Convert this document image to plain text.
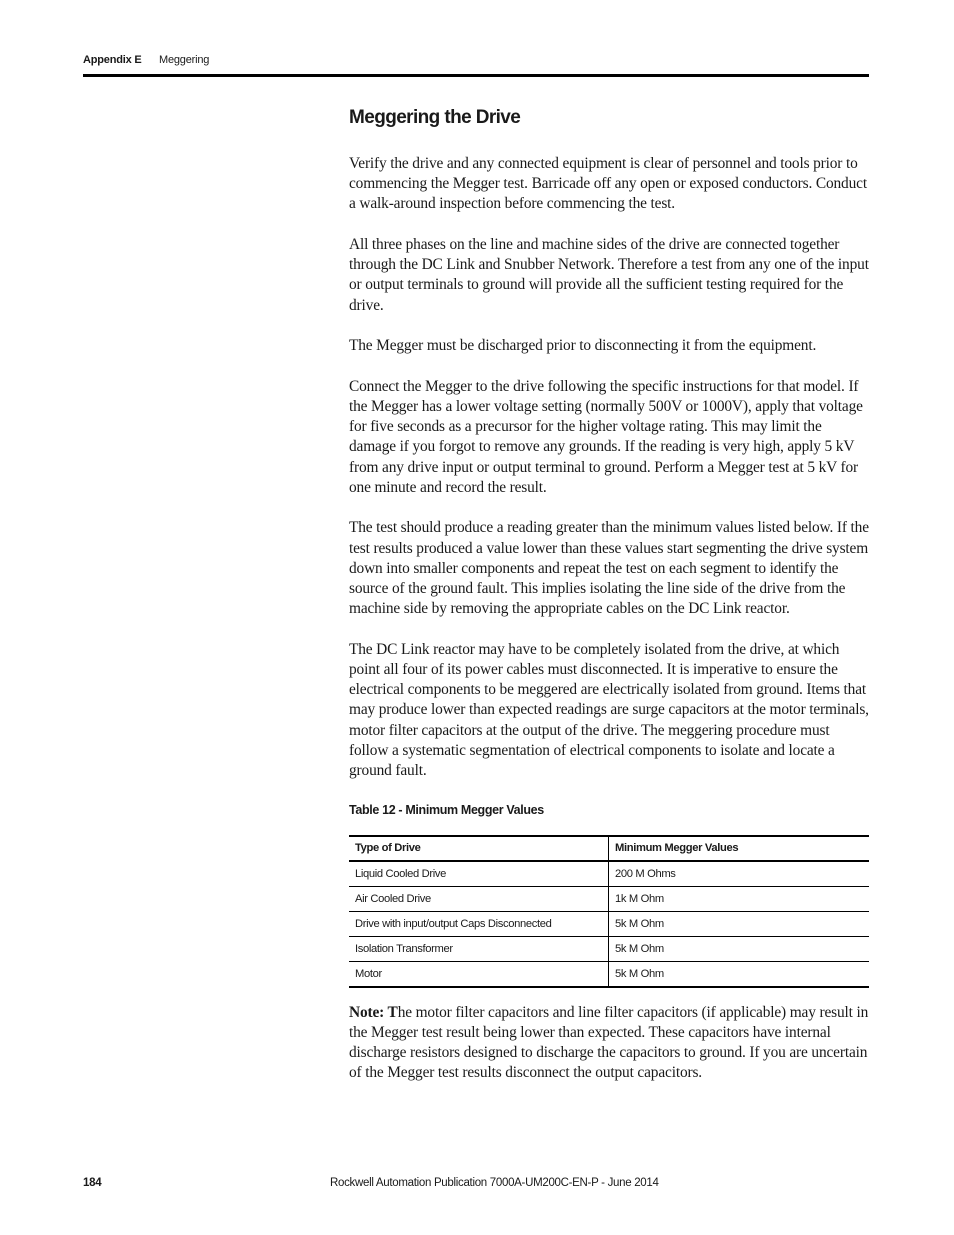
Appendix E Meggering
Meggering the Drive

Verify the drive and any connected equipment is clear of personnel and tools prior to commencing the Megger test. Barricade off any open or exposed conductors. Conduct a walk-around inspection before commencing the test.

All three phases on the line and machine sides of the drive are connected together through the DC Link and Snubber Network. Therefore a test from any one of the input or output terminals to ground will provide all the sufficient testing required for the drive.

The Megger must be discharged prior to disconnecting it from the equipment.

Connect the Megger to the drive following the specific instructions for that model. If the Megger has a lower voltage setting (normally 500V or 1000V), apply that voltage for five seconds as a precursor for the higher voltage rating. This may limit the damage if you forgot to remove any grounds. If the reading is very high, apply 5 kV from any drive input or output terminal to ground. Perform a Megger test at 5 kV for one minute and record the result.

The test should produce a reading greater than the minimum values listed below. If the test results produced a value lower than these values start segmenting the drive system down into smaller components and repeat the test on each segment to identify the source of the ground fault. This implies isolating the line side of the drive from the machine side by removing the appropriate cables on the DC Link reactor.

The DC Link reactor may have to be completely isolated from the drive, at which point all four of its power cables must disconnected. It is imperative to ensure the electrical components to be meggered are electrically isolated from ground. Items that may produce lower than expected readings are surge capacitors at the motor terminals, motor filter capacitors at the output of the drive. The meggering procedure must follow a systematic segmentation of electrical components to isolate and locate a ground fault.

Table 12 - Minimum Megger Values
Type of Drive	Minimum Megger Values
Liquid Cooled Drive	200 M Ohms
Air Cooled Drive	1k M Ohm
Drive with input/output Caps Disconnected	5k M Ohm
Isolation Transformer	5k M Ohm
Motor	5k M Ohm

Note: The motor filter capacitors and line filter capacitors (if applicable) may result in the Megger test result being lower than expected. These capacitors have internal discharge resistors designed to discharge the capacitors to ground. If you are uncertain of the Megger test results disconnect the output capacitors.

184	Rockwell Automation Publication 7000A-UM200C-EN-P - June 2014
